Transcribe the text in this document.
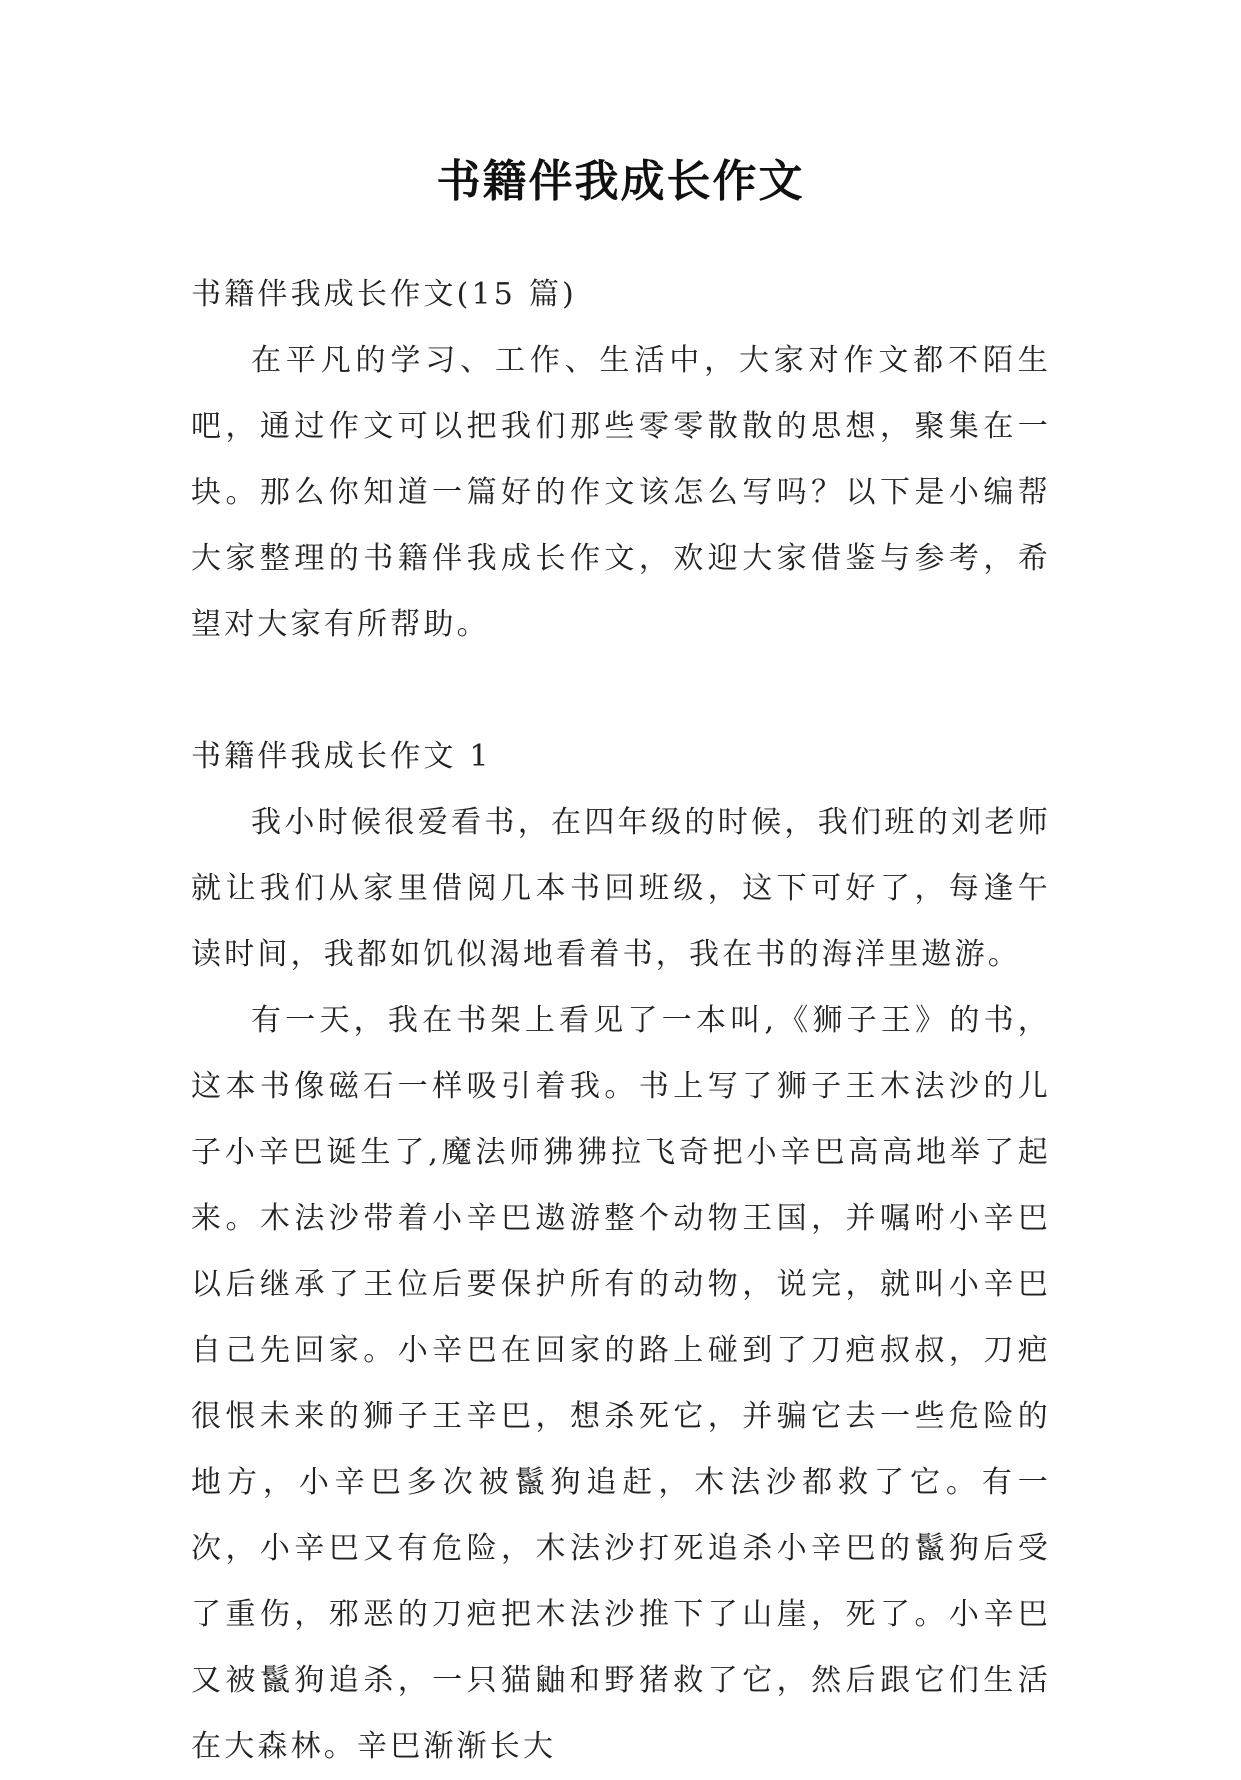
书籍伴我成长作文

书籍伴我成长作文(15 篇)

在平凡的学习、工作、生活中，大家对作文都不陌生吧，通过作文可以把我们那些零零散散的思想，聚集在一块。那么你知道一篇好的作文该怎么写吗？以下是小编帮大家整理的书籍伴我成长作文，欢迎大家借鉴与参考，希望对大家有所帮助。

书籍伴我成长作文 1

我小时候很爱看书，在四年级的时候，我们班的刘老师就让我们从家里借阅几本书回班级，这下可好了，每逢午读时间，我都如饥似渴地看着书，我在书的海洋里遨游。

有一天，我在书架上看见了一本叫,《狮子王》的书，这本书像磁石一样吸引着我。书上写了狮子王木法沙的儿子小辛巴诞生了,魔法师狒狒拉飞奇把小辛巴高高地举了起来。木法沙带着小辛巴遨游整个动物王国，并嘱咐小辛巴以后继承了王位后要保护所有的动物，说完，就叫小辛巴自己先回家。小辛巴在回家的路上碰到了刀疤叔叔，刀疤很恨未来的狮子王辛巴，想杀死它，并骗它去一些危险的地方，小辛巴多次被鬣狗追赶，木法沙都救了它。有一次，小辛巴又有危险，木法沙打死追杀小辛巴的鬣狗后受了重伤，邪恶的刀疤把木法沙推下了山崖，死了。小辛巴又被鬣狗追杀，一只猫鼬和野猪救了它，然后跟它们生活在大森林。辛巴渐渐长大
